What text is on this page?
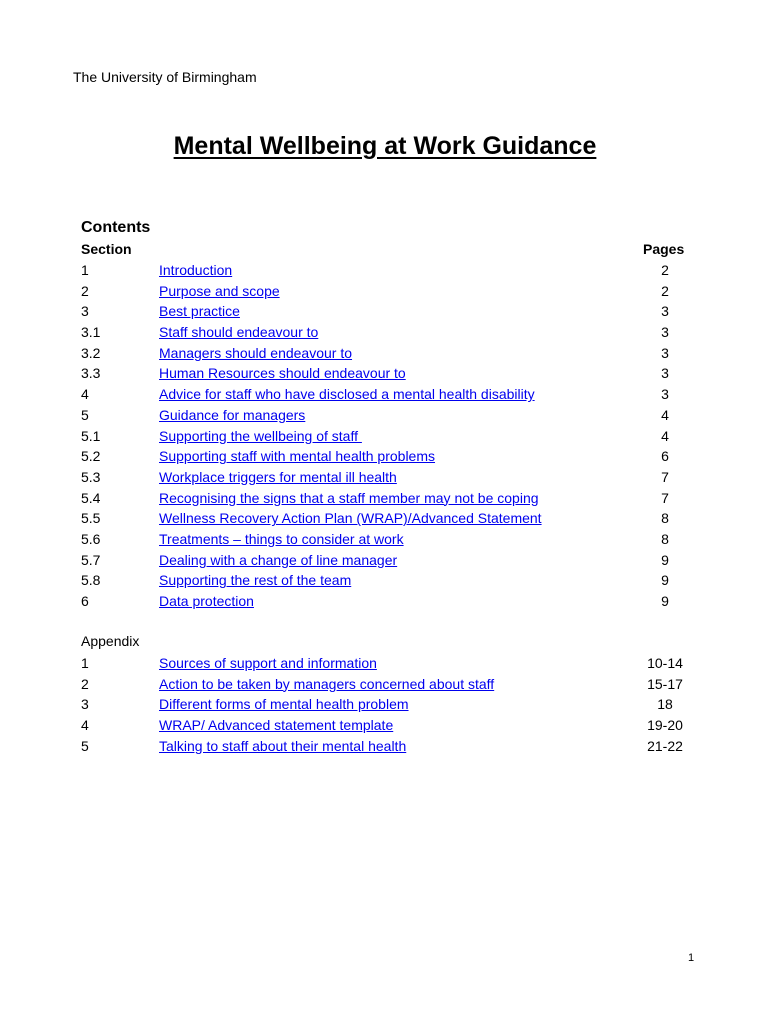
The University of Birmingham
Mental Wellbeing at Work Guidance
Contents
Section	Pages
1	Introduction	2
2	Purpose and scope	2
3	Best practice	3
3.1	Staff should endeavour to	3
3.2	Managers should endeavour to	3
3.3	Human Resources should endeavour to	3
4	Advice for staff who have disclosed a mental health disability	3
5	Guidance for managers	4
5.1	Supporting the wellbeing of staff	4
5.2	Supporting staff with mental health problems	6
5.3	Workplace triggers for mental ill health	7
5.4	Recognising the signs that a staff member may not be coping	7
5.5	Wellness Recovery Action Plan (WRAP)/Advanced Statement	8
5.6	Treatments – things to consider at work	8
5.7	Dealing with a change of line manager	9
5.8	Supporting the rest of the team	9
6	Data protection	9
Appendix
1	Sources of support and information	10-14
2	Action to be taken by managers concerned about staff	15-17
3	Different forms of mental health problem	18
4	WRAP/ Advanced statement template	19-20
5	Talking to staff about their mental health	21-22
1
